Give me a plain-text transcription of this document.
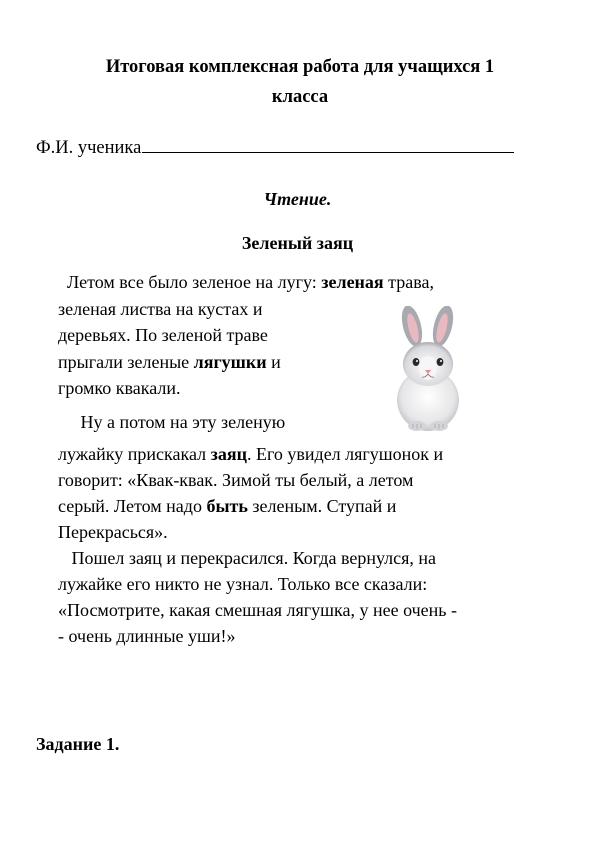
Итоговая комплексная работа для учащихся 1
класса
Ф.И. ученика
Чтение.
Зеленый заяц
Летом все было зеленое на лугу: зеленая трава,
зеленая листва на кустах и
деревьях. По зеленой траве
прыгали зеленые лягушки и
громко квакали.
Ну а потом на эту зеленую
лужайку прискакал заяц. Его увидел лягушонок и
говорит: «Квак-квак. Зимой ты белый, а летом
серый. Летом надо быть зеленым. Ступай и
Перекрасься».
Пошел заяц и перекрасился. Когда вернулся, на
лужайке его никто не узнал. Только все сказали:
«Посмотрите, какая смешная лягушка, у нее очень -
- очень длинные уши!»
Задание 1.
